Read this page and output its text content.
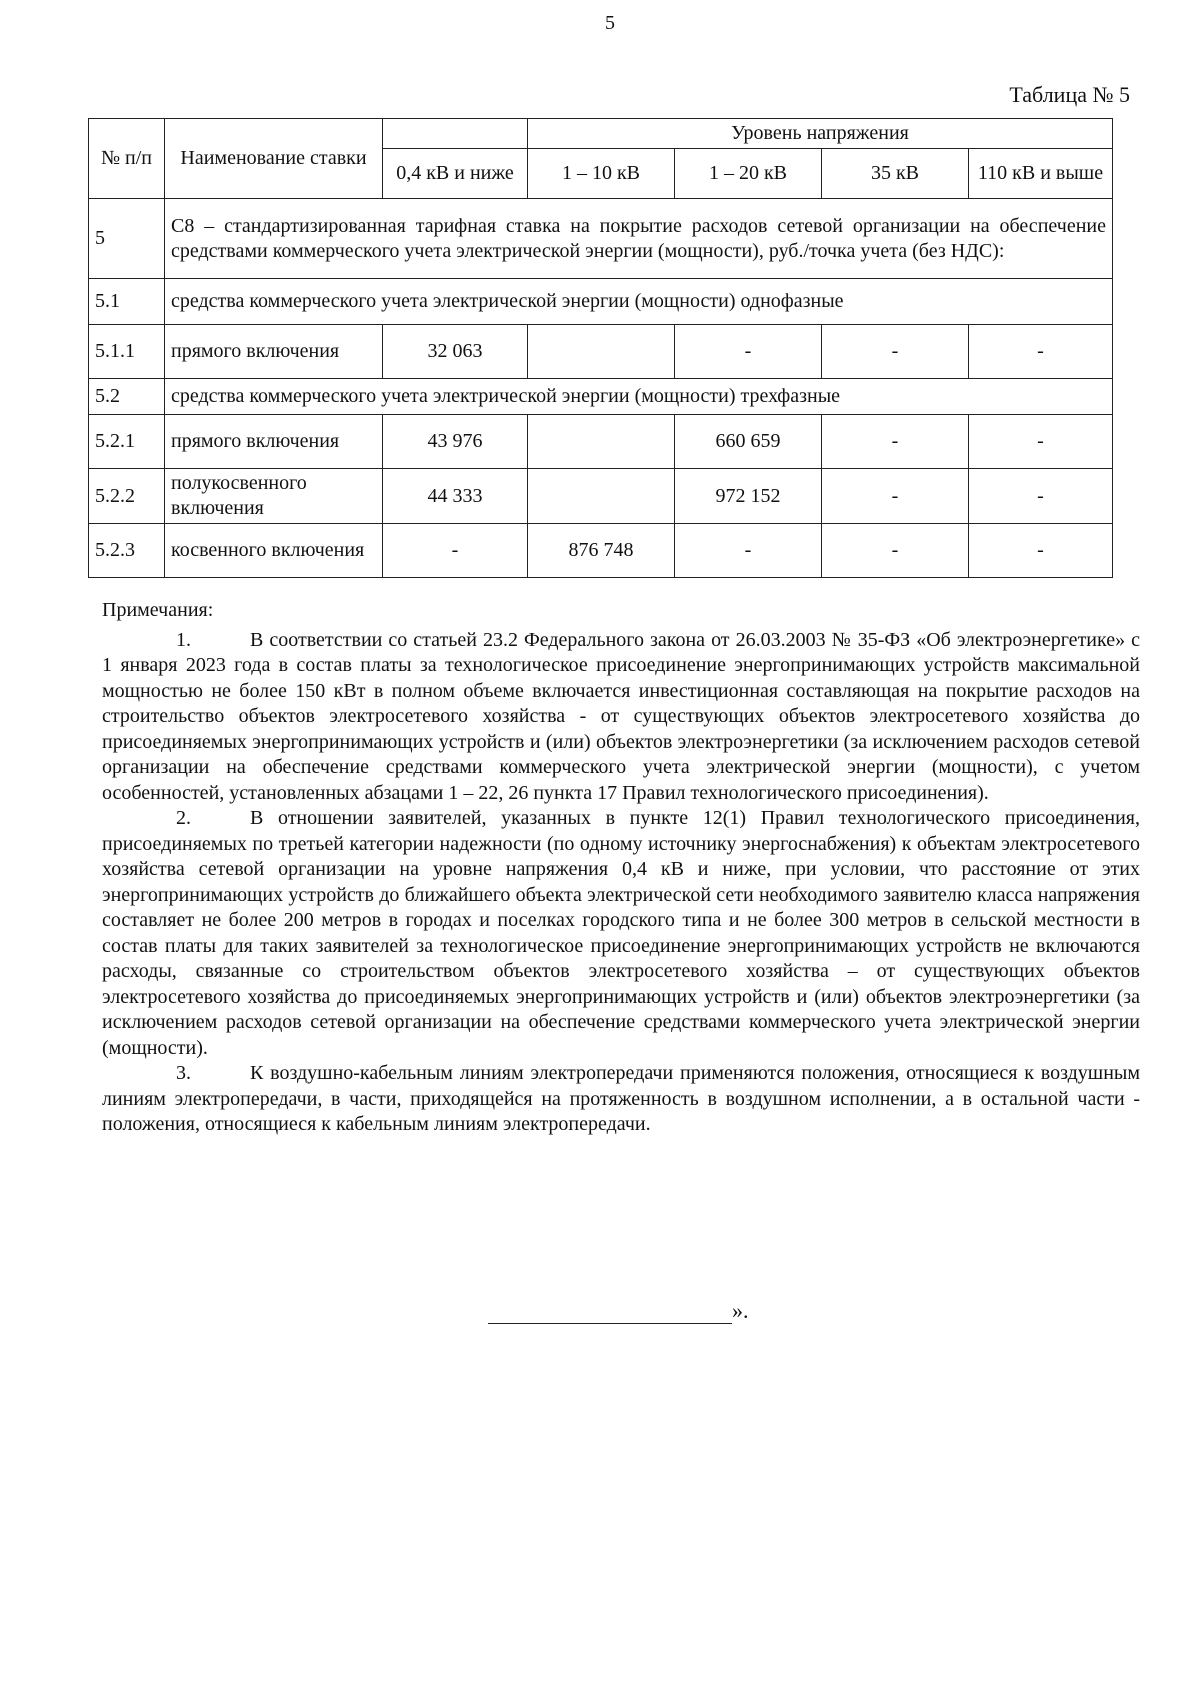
5
Таблица № 5
№ п/п	Наименование ставки		Уровень напряжения			
		0,4 кВ и ниже	1 – 10 кВ	1 – 20 кВ	35 кВ	110 кВ и выше
5	С8 – стандартизированная тарифная ставка на покрытие расходов сетевой организации на обеспечение средствами коммерческого учета электрической энергии (мощности), руб./точка учета (без НДС):					
5.1	средства коммерческого учета электрической энергии (мощности) однофазные					
5.1.1	прямого включения	32 063		-	-	-
5.2	средства коммерческого учета электрической энергии (мощности) трехфазные					
5.2.1	прямого включения	43 976		660 659	-	-
5.2.2	полукосвенного включения	44 333		972 152	-	-
5.2.3	косвенного включения	-	876 748	-	-	-

Примечания:

1.	В соответствии со статьей 23.2 Федерального закона от 26.03.2003 № 35-ФЗ «Об электроэнергетике» с 1 января 2023 года в состав платы за технологическое присоединение энергопринимающих устройств максимальной мощностью не более 150 кВт в полном объеме включается инвестиционная составляющая на покрытие расходов на строительство объектов электросетевого хозяйства - от существующих объектов электросетевого хозяйства до присоединяемых энергопринимающих устройств и (или) объектов электроэнергетики (за исключением расходов сетевой организации на обеспечение средствами коммерческого учета электрической энергии (мощности), с учетом особенностей, установленных абзацами 1 – 22, 26 пункта 17 Правил технологического присоединения).

2.	В отношении заявителей, указанных в пункте 12(1) Правил технологического присоединения, присоединяемых по третьей категории надежности (по одному источнику энергоснабжения) к объектам электросетевого хозяйства сетевой организации на уровне напряжения 0,4 кВ и ниже, при условии, что расстояние от этих энергопринимающих устройств до ближайшего объекта электрической сети необходимого заявителю класса напряжения составляет не более 200 метров в городах и поселках городского типа и не более 300 метров в сельской местности в состав платы для таких заявителей за технологическое присоединение энергопринимающих устройств не включаются расходы, связанные со строительством объектов электросетевого хозяйства – от существующих объектов электросетевого хозяйства до присоединяемых энергопринимающих устройств и (или) объектов электроэнергетики (за исключением расходов сетевой организации на обеспечение средствами коммерческого учета электрической энергии (мощности).

3.	К воздушно-кабельным линиям электропередачи применяются положения, относящиеся к воздушным линиям электропередачи, в части, приходящейся на протяженность в воздушном исполнении, а в остальной части - положения, относящиеся к кабельным линиям электропередачи.

».
